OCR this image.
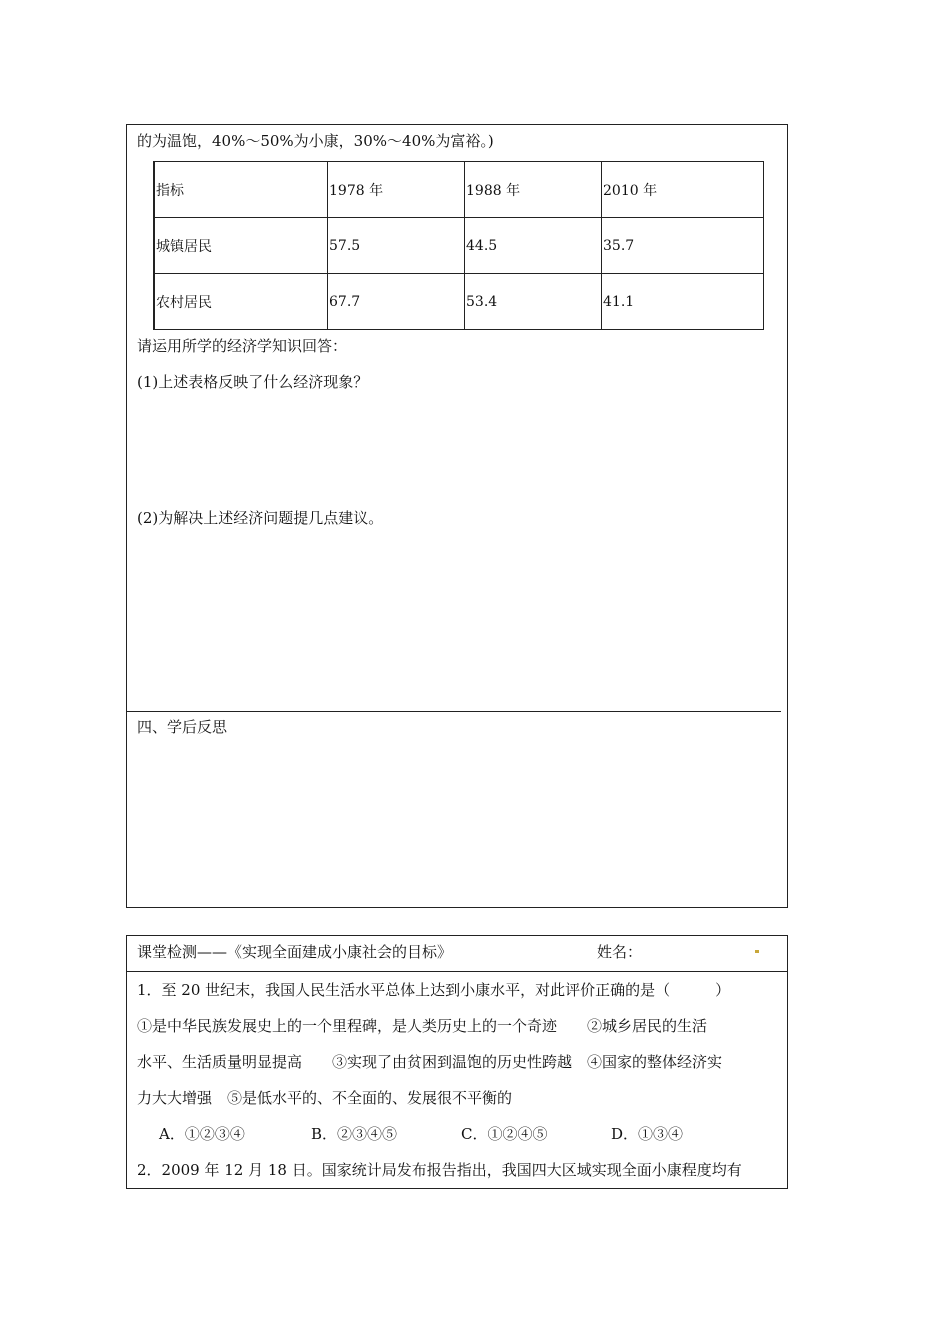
的为温饱，40%～50%为小康，30%～40%为富裕。)
指标	1978 年	1988 年	2010 年
城镇居民	57.5	44.5	35.7
农村居民	67.7	53.4	41.1
请运用所学的经济学知识回答：
(1)上述表格反映了什么经济现象？
(2)为解决上述经济问题提几点建议。
四、学后反思
课堂检测——《实现全面建成小康社会的目标》	姓名：
1．至 20 世纪末，我国人民生活水平总体上达到小康水平，对此评价正确的是（　　　）
①是中华民族发展史上的一个里程碑，是人类历史上的一个奇迹　　②城乡居民的生活
水平、生活质量明显提高　　③实现了由贫困到温饱的历史性跨越　④国家的整体经济实
力大大增强　⑤是低水平的、不全面的、发展很不平衡的
A．①②③④	B．②③④⑤	C．①②④⑤	D．①③④
2．2009 年 12 月 18 日。国家统计局发布报告指出，我国四大区域实现全面小康程度均有
